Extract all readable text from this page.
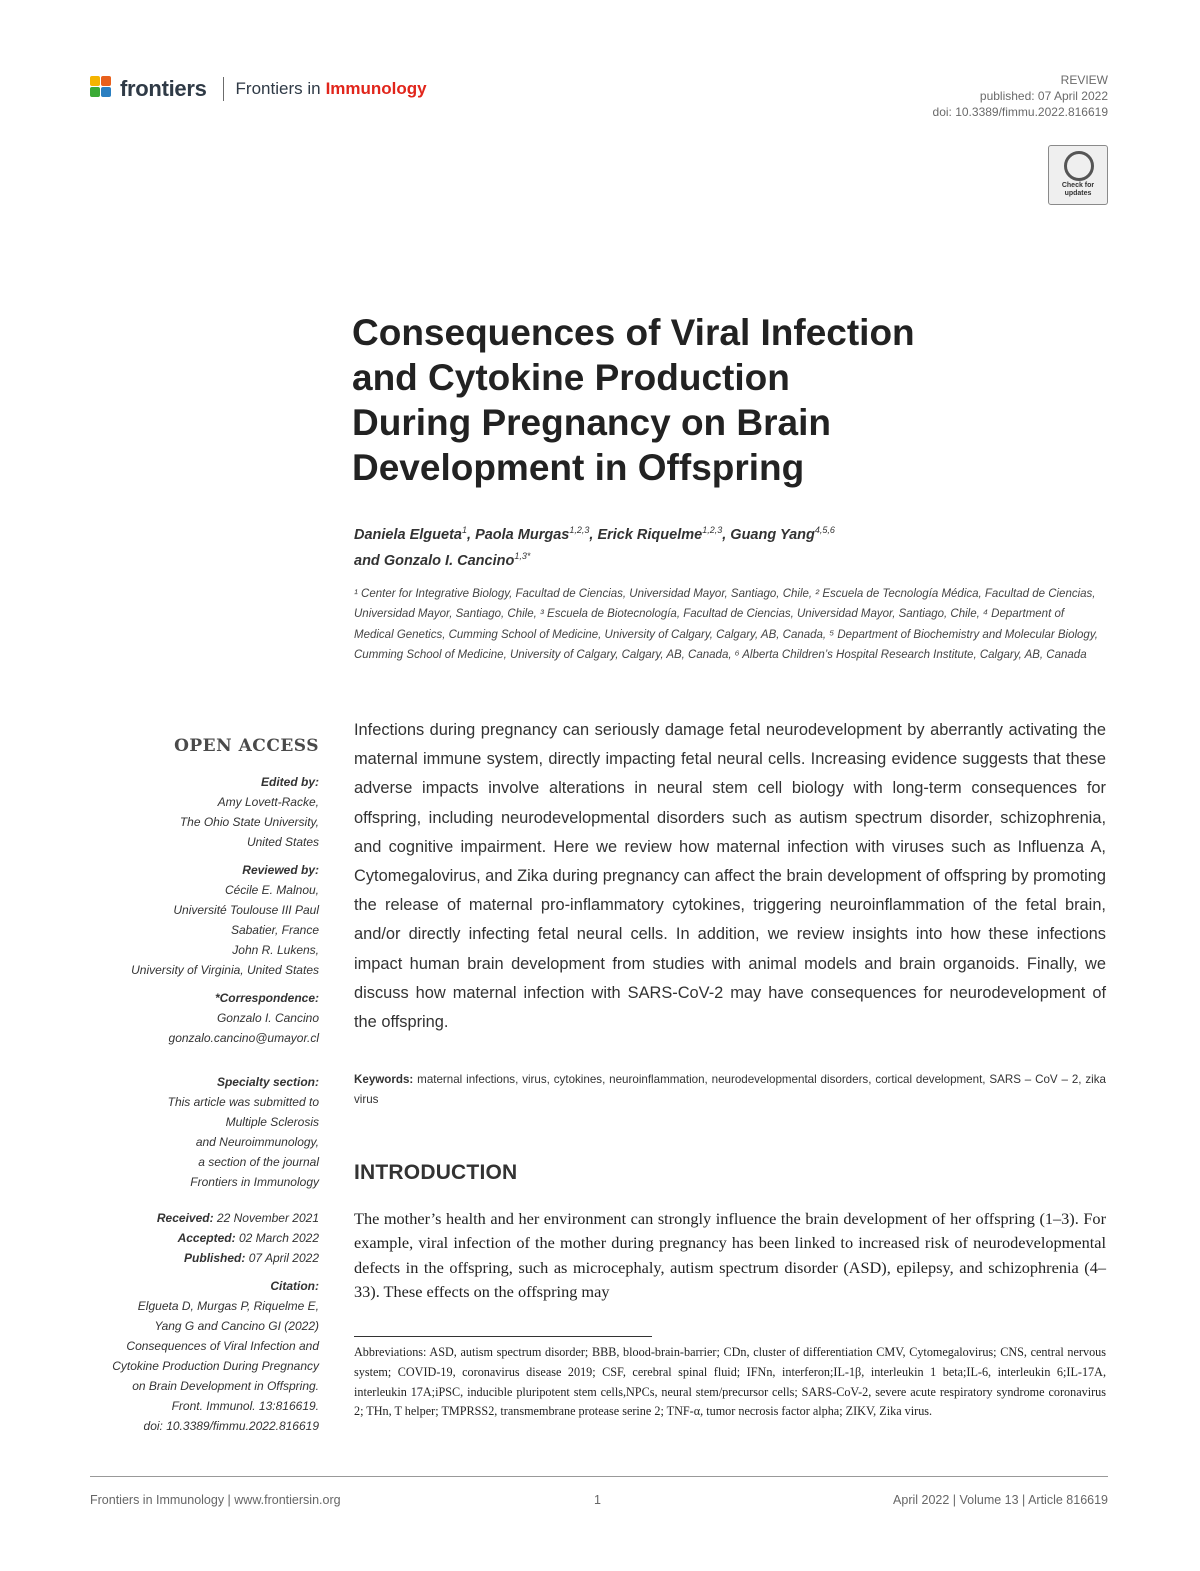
frontiers Frontiers in Immunology	REVIEW
published: 07 April 2022
doi: 10.3389/fimmu.2022.816619
Check for updates
Consequences of Viral Infection
and Cytokine Production
During Pregnancy on Brain
Development in Offspring
Daniela Elgueta$^1$, Paola Murgas$^{1,2,3}$, Erick Riquelme$^{1,2,3}$, Guang Yang$^{4,5,6}$
and Gonzalo I. Cancino$^{1,3*}$
¹ Center for Integrative Biology, Facultad de Ciencias, Universidad Mayor, Santiago, Chile, ² Escuela de Tecnología Médica, Facultad de Ciencias, Universidad Mayor, Santiago, Chile, ³ Escuela de Biotecnología, Facultad de Ciencias, Universidad Mayor, Santiago, Chile, ⁴ Department of Medical Genetics, Cumming School of Medicine, University of Calgary, Calgary, AB, Canada, ⁵ Department of Biochemistry and Molecular Biology, Cumming School of Medicine, University of Calgary, Calgary, AB, Canada, ⁶ Alberta Children’s Hospital Research Institute, Calgary, AB, Canada
OPEN ACCESS
Edited by:
Amy Lovett-Racke,
The Ohio State University,
United States
Reviewed by:
Cécile E. Malnou,
Université Toulouse III Paul
Sabatier, France
John R. Lukens,
University of Virginia, United States
*Correspondence:
Gonzalo I. Cancino
gonzalo.cancino@umayor.cl
Specialty section:
This article was submitted to
Multiple Sclerosis
and Neuroimmunology,
a section of the journal
Frontiers in Immunology
Received: 22 November 2021
Accepted: 02 March 2022
Published: 07 April 2022
Citation:
Elgueta D, Murgas P, Riquelme E,
Yang G and Cancino GI (2022)
Consequences of Viral Infection and
Cytokine Production During Pregnancy
on Brain Development in Offspring.
Front. Immunol. 13:816619.
doi: 10.3389/fimmu.2022.816619
Infections during pregnancy can seriously damage fetal neurodevelopment by aberrantly activating the maternal immune system, directly impacting fetal neural cells. Increasing evidence suggests that these adverse impacts involve alterations in neural stem cell biology with long-term consequences for offspring, including neurodevelopmental disorders such as autism spectrum disorder, schizophrenia, and cognitive impairment. Here we review how maternal infection with viruses such as Influenza A, Cytomegalovirus, and Zika during pregnancy can affect the brain development of offspring by promoting the release of maternal pro-inflammatory cytokines, triggering neuroinflammation of the fetal brain, and/or directly infecting fetal neural cells. In addition, we review insights into how these infections impact human brain development from studies with animal models and brain organoids. Finally, we discuss how maternal infection with SARS-CoV-2 may have consequences for neurodevelopment of the offspring.
Keywords: maternal infections, virus, cytokines, neuroinflammation, neurodevelopmental disorders, cortical development, SARS – CoV – 2, zika virus
INTRODUCTION
The mother’s health and her environment can strongly influence the brain development of her offspring (1–3). For example, viral infection of the mother during pregnancy has been linked to increased risk of neurodevelopmental defects in the offspring, such as microcephaly, autism spectrum disorder (ASD), epilepsy, and schizophrenia (4–33). These effects on the offspring may
Abbreviations: ASD, autism spectrum disorder; BBB, blood-brain-barrier; CDn, cluster of differentiation CMV, Cytomegalovirus; CNS, central nervous system; COVID-19, coronavirus disease 2019; CSF, cerebral spinal fluid; IFNn, interferon;IL-1β, interleukin 1 beta;IL-6, interleukin 6;IL-17A, interleukin 17A;iPSC, inducible pluripotent stem cells,NPCs, neural stem/precursor cells; SARS-CoV-2, severe acute respiratory syndrome coronavirus 2; THn, T helper; TMPRSS2, transmembrane protease serine 2; TNF-α, tumor necrosis factor alpha; ZIKV, Zika virus.
Frontiers in Immunology | www.frontiersin.org	1	April 2022 | Volume 13 | Article 816619
